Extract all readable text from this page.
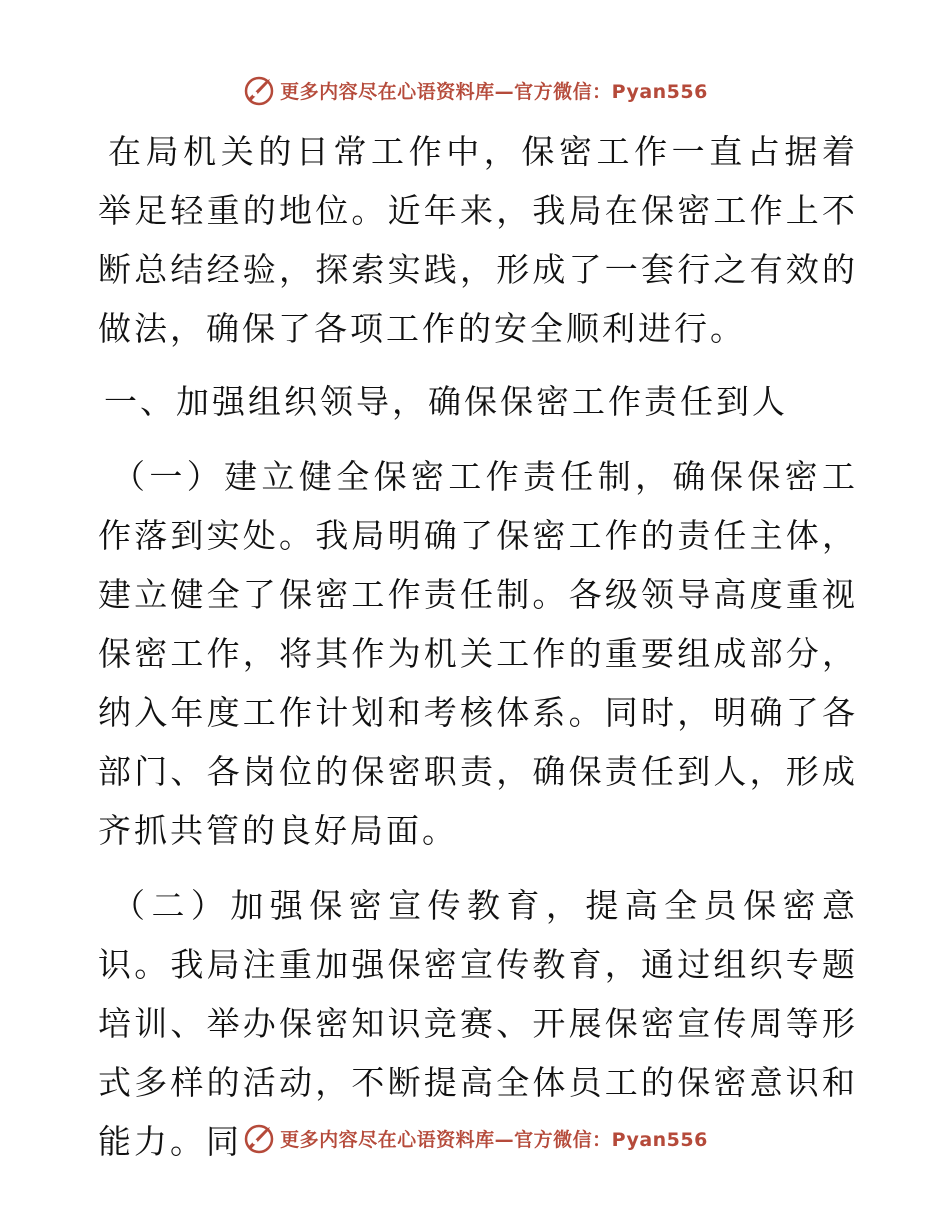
更多内容尽在心语资料库—官方微信：Pyan556

在局机关的日常工作中，保密工作一直占据着举足轻重的地位。近年来，我局在保密工作上不断总结经验，探索实践，形成了一套行之有效的做法，确保了各项工作的安全顺利进行。

一、加强组织领导，确保保密工作责任到人

（一）建立健全保密工作责任制，确保保密工作落到实处。我局明确了保密工作的责任主体，建立健全了保密工作责任制。各级领导高度重视保密工作，将其作为机关工作的重要组成部分，纳入年度工作计划和考核体系。同时，明确了各部门、各岗位的保密职责，确保责任到人，形成齐抓共管的良好局面。

（二）加强保密宣传教育，提高全员保密意识。我局注重加强保密宣传教育，通过组织专题培训、举办保密知识竞赛、开展保密宣传周等形式多样的活动，不断提高全体员工的保密意识和能力。同	更多内容尽在心语资料库—官方微信：Pyan556
